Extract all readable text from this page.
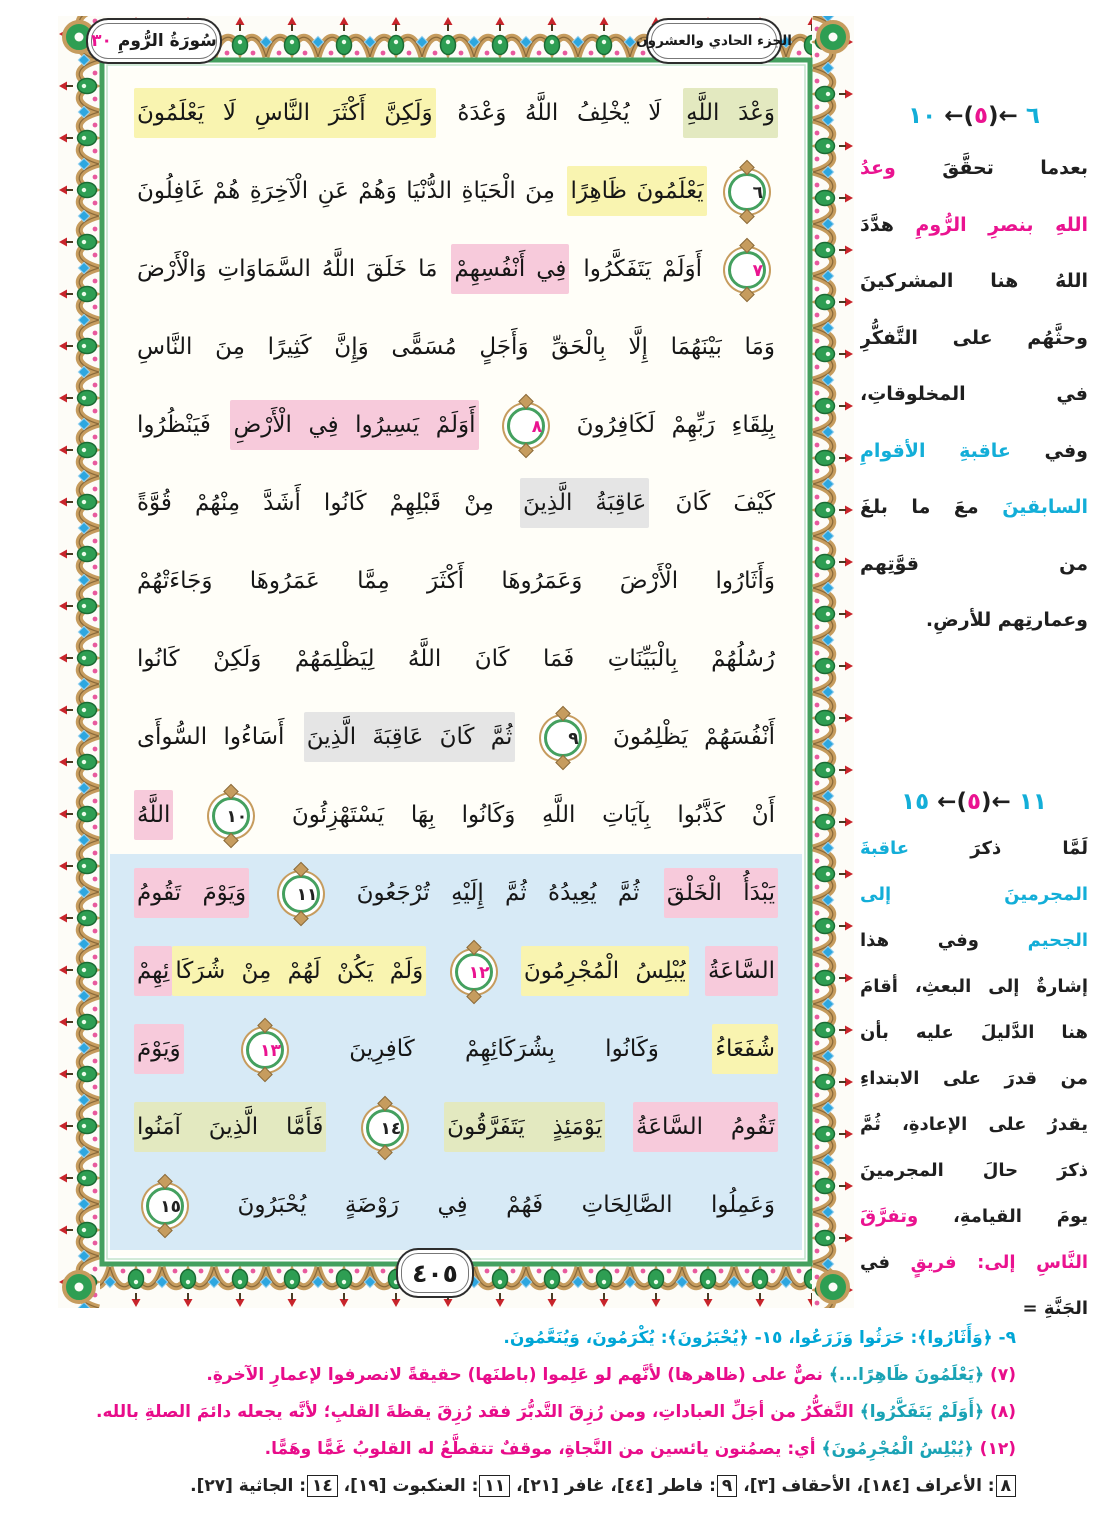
سُورَةُ الرُّومِ
٣٠	الجزء الحادي والعشرون
٤٠٥
وَعْدَ اللَّهِ لَا يُخْلِفُ اللَّهُ وَعْدَهُ وَلَكِنَّ أَكْثَرَ النَّاسِ لَا يَعْلَمُونَ
٦ يَعْلَمُونَ ظَاهِرًا مِنَ الْحَيَاةِ الدُّنْيَا وَهُمْ عَنِ الْآخِرَةِ هُمْ غَافِلُونَ
٧ أَوَلَمْ يَتَفَكَّرُوا فِي أَنْفُسِهِمْ مَا خَلَقَ اللَّهُ السَّمَاوَاتِ وَالْأَرْضَ
وَمَا بَيْنَهُمَا إِلَّا بِالْحَقِّ وَأَجَلٍ مُسَمًّى وَإِنَّ كَثِيرًا مِنَ النَّاسِ
بِلِقَاءِ رَبِّهِمْ لَكَافِرُونَ ٨ أَوَلَمْ يَسِيرُوا فِي الْأَرْضِ فَيَنْظُرُوا
كَيْفَ كَانَ عَاقِبَةُ الَّذِينَ مِنْ قَبْلِهِمْ كَانُوا أَشَدَّ مِنْهُمْ قُوَّةً
وَأَثَارُوا الْأَرْضَ وَعَمَرُوهَا أَكْثَرَ مِمَّا عَمَرُوهَا وَجَاءَتْهُمْ
رُسُلُهُمْ بِالْبَيِّنَاتِ فَمَا كَانَ اللَّهُ لِيَظْلِمَهُمْ وَلَكِنْ كَانُوا
أَنْفُسَهُمْ يَظْلِمُونَ ٩ ثُمَّ كَانَ عَاقِبَةَ الَّذِينَ أَسَاءُوا السُّوأَى
أَنْ كَذَّبُوا بِآيَاتِ اللَّهِ وَكَانُوا بِهَا يَسْتَهْزِئُونَ ١٠ اللَّهُ
يَبْدَأُ الْخَلْقَ ثُمَّ يُعِيدُهُ ثُمَّ إِلَيْهِ تُرْجَعُونَ ١١ وَيَوْمَ تَقُومُ
السَّاعَةُ يُبْلِسُ الْمُجْرِمُونَ ١٢ وَلَمْ يَكُنْ لَهُمْ مِنْ شُرَكَائِهِمْ
شُفَعَاءُ وَكَانُوا بِشُرَكَائِهِمْ كَافِرِينَ ١٣ وَيَوْمَ
تَقُومُ السَّاعَةُ يَوْمَئِذٍ يَتَفَرَّقُونَ ١٤ فَأَمَّا الَّذِينَ آمَنُوا
وَعَمِلُوا الصَّالِحَاتِ فَهُمْ فِي رَوْضَةٍ يُحْبَرُونَ ١٥
٦ ←(٥)← ١٠
بعدما تحقَّقَ وعدُ
اللهِ بنصرِ الرُّومِ هدَّدَ
اللهُ هنا المشركينَ
وحثَّهُم على التَّفكُّرِ
في المخلوقاتِ،
وفي عاقبةِ الأقوامِ
السابقينَ معَ ما بلغَ
من قوَّتِهم
وعمارتِهم للأرضِ.
١١ ←(٥)← ١٥
لَمَّا ذكرَ عاقبةَ
المجرمينَ إلى
الجحيم وفي هذا
إشارةٌ إلى البعثِ، أقامَ
هنا الدَّليلَ عليه بأن
من قدرَ على الابتداءِ
يقدرُ على الإعادةِ، ثُمَّ
ذكرَ حالَ المجرمينَ
يومَ القيامةِ، وتفرَّقَ
النَّاسِ إلى: فريقٍ في
الجَنَّةِ =
٩- ﴿وَأَثَارُوا﴾: حَرَثُوا وَزَرَعُوا، ١٥- ﴿يُحْبَرُونَ﴾: يُكْرَمُونَ، وَيُنَعَّمُونَ.
(٧) ﴿يَعْلَمُونَ ظَاهِرًا...﴾ نصٌّ على (ظاهرها) لأنَّهم لو عَلِموا (باطنَها) حقيقةً لانصرفوا لإعمارِ الآخرةِ.
(٨) ﴿أَوَلَمْ يَتَفَكَّرُوا﴾ التَّفكُّرُ من أجَلِّ العباداتِ، ومن رُزِقَ التَّدبُّرَ فقد رُزِقَ يقظةَ القلبِ؛ لأنَّه يجعله دائمَ الصلةِ بالله.
(١٢) ﴿يُبْلِسُ الْمُجْرِمُونَ﴾ أي: يصمُتون يائسين من النَّجاةِ، موقفٌ تتقطَّعُ له القلوبُ غَمًّا وهَمًّا.
٨: الأعراف [١٨٤]، الأحقاف [٣]، ٩: فاطر [٤٤]، غافر [٢١]، ١١: العنكبوت [١٩]، ١٤: الجاثية [٢٧].
